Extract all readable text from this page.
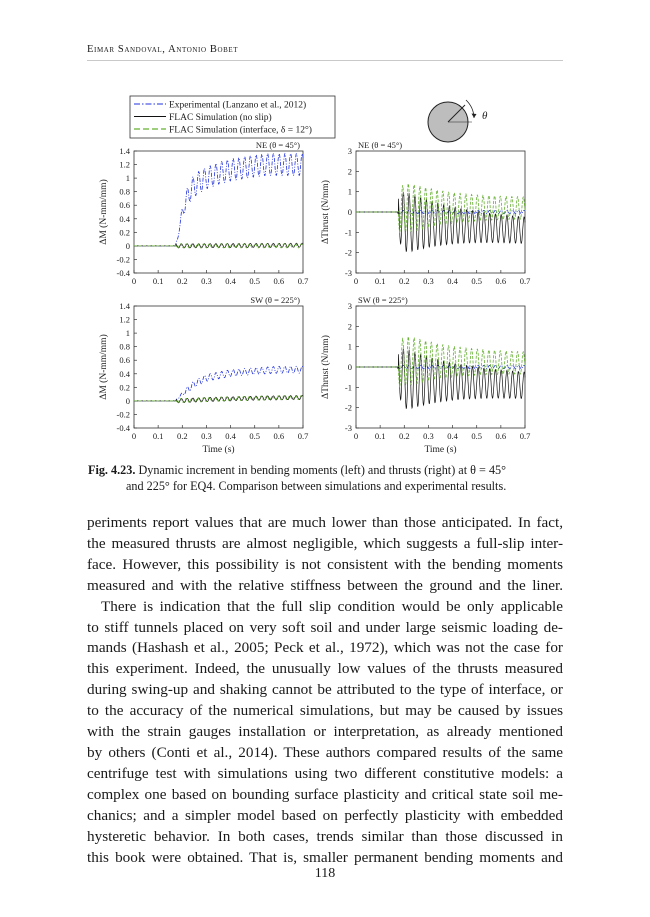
Eimar Sandoval, Antonio Bobet
Experimental (Lanzano et al., 2012)
FLAC Simulation (no slip)
FLAC Simulation (interface, δ = 12°)
θ
0 0.1 0.2 0.3 0.4 0.5 0.6 0.7
-0.4
-0.2
0
0.2
0.4
0.6
0.8
1
1.2
1.4
NE (θ = 45°)
ΔM (N-mm/mm)
0 0.1 0.2 0.3 0.4 0.5 0.6 0.7
-3
-2
-1
0
1
2
3
NE (θ = 45°)
ΔThrust (N/mm)
0 0.1 0.2 0.3 0.4 0.5 0.6 0.7
-0.4
-0.2
0
0.2
0.4
0.6
0.8
1
1.2
1.4
SW (θ = 225°)
ΔM (N-mm/mm)
Time (s)
0 0.1 0.2 0.3 0.4 0.5 0.6 0.7
-3
-2
-1
0
1
2
3
SW (θ = 225°)
ΔThrust (N/mm)
Time (s)
Fig. 4.23. Dynamic increment in bending moments (left) and thrusts (right) at θ = 45°
and 225° for EQ4. Comparison between simulations and experimental results.

periments report values that are much lower than those anticipated. In fact,

the measured thrusts are almost negligible, which suggests a full-slip inter-

face. However, this possibility is not consistent with the bending moments

measured and with the relative stiffness between the ground and the liner.

There is indication that the full slip condition would be only applicable

to stiff tunnels placed on very soft soil and under large seismic loading de-

mands (Hashash et al., 2005; Peck et al., 1972), which was not the case for

this experiment. Indeed, the unusually low values of the thrusts measured

during swing-up and shaking cannot be attributed to the type of interface, or

to the accuracy of the numerical simulations, but may be caused by issues

with the strain gauges installation or interpretation, as already mentioned

by others (Conti et al., 2014). These authors compared results of the same

centrifuge test with simulations using two different constitutive models: a

complex one based on bounding surface plasticity and critical state soil me-

chanics; and a simpler model based on perfectly plasticity with embedded

hysteretic behavior. In both cases, trends similar than those discussed in

this book were obtained. That is, smaller permanent bending moments and

118
